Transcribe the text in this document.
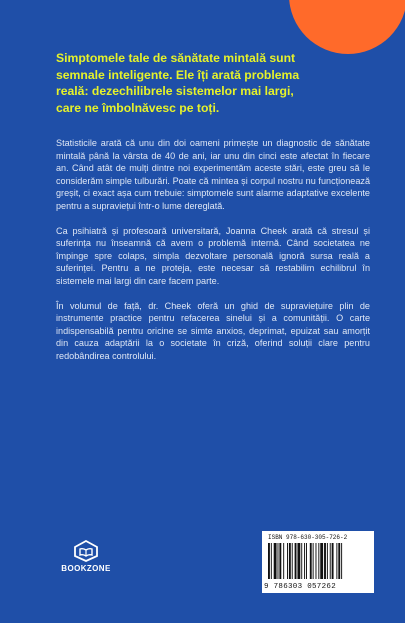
Simptomele tale de sănătate mintală sunt
semnale inteligente. Ele îți arată problema
reală: dezechilibrele sistemelor mai largi,
care ne îmbolnăvesc pe toți.

Statisticile arată că unu din doi oameni primește un diagnostic de sănătate mintală până la vârsta de 40 de ani, iar unu din cinci este afectat în fiecare an. Când atât de mulți dintre noi experimentăm aceste stări, este greu să le considerăm simple tulburări. Poate că mintea și corpul nostru nu funcționează greșit, ci exact așa cum trebuie: simptomele sunt alarme adaptative excelente pentru a supraviețui într-o lume dereglată.

Ca psihiatră și profesoară universitară, Joanna Cheek arată că stresul și suferința nu înseamnă că avem o problemă internă. Când societatea ne împinge spre colaps, simpla dezvoltare personală ignoră sursa reală a suferinței. Pentru a ne proteja, este necesar să restabilim echilibrul în sistemele mai largi din care facem parte.

În volumul de față, dr. Cheek oferă un ghid de supraviețuire plin de instrumente practice pentru refacerea sinelui și a comunității. O carte indispensabilă pentru oricine se simte anxios, deprimat, epuizat sau amorțit din cauza adaptării la o societate în criză, oferind soluții clare pentru redobândirea controlului.

BOOKZONE
ISBN 978-630-305-726-2
9 786303 057262
